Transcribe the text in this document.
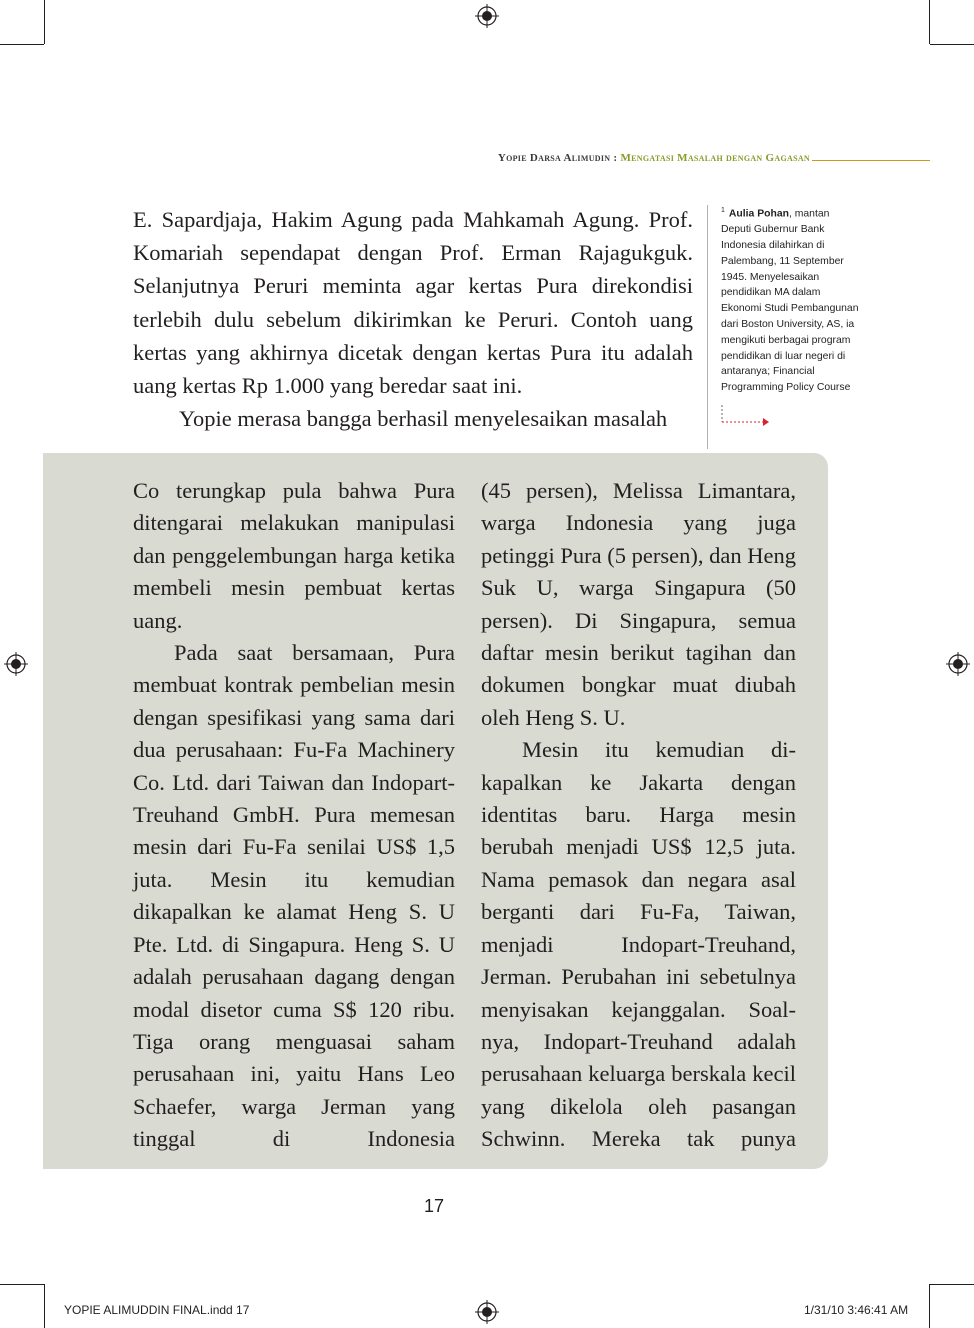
Yopie Darsa Alimudin : Mengatasi Masalah dengan Gagasan

E. Sapardjaja, Hakim Agung pada Mahkamah Agung. Prof. Komariah sependapat dengan Prof. Erman Rajagukguk. Selanjutnya Peruri meminta agar kertas Pura direkondisi terlebih dulu sebelum dikirimkan ke Peruri. Contoh uang kertas yang akhirnya dicetak dengan kertas Pura itu adalah uang kertas Rp 1.000 yang beredar saat ini.

Yopie merasa bangga berhasil menyelesaikan masalah

$^1$ Aulia Pohan, mantan Deputi Gubernur Bank Indonesia dilahirkan di Palembang, 11 September 1945. Menyelesaikan pendidikan MA dalam Ekonomi Studi Pembangunan dari Boston University, AS, ia mengikuti berbagai program pendidikan di luar negeri di antaranya; Financial Programming Policy Course

Co terungkap pula bahwa Pura ditengarai melakukan manipulasi dan penggelembungan harga ketika membeli mesin pembuat kertas uang.

Pada saat bersamaan, Pura membuat kontrak pembelian mesin dengan spesifikasi yang sama dari dua perusahaan: Fu-Fa Machinery Co. Ltd. dari Taiwan dan Indopart-Treuhand GmbH. Pura memesan mesin dari Fu-Fa senilai US$ 1,5 juta. Mesin itu kemudian dikapalkan ke alamat Heng S. U Pte. Ltd. di Singapura. Heng S. U adalah perusahaan dagang dengan modal disetor cuma S$ 120 ribu. Tiga orang menguasai saham perusahaan ini, yaitu Hans Leo Schaefer, warga Jerman yang tinggal di Indonesia

(45 persen), Melissa Limantara, warga Indonesia yang juga petinggi Pura (5 persen), dan Heng Suk U, warga Singapura (50 persen). Di Singapura, semua daftar mesin berikut tagihan dan dokumen bongkar muat diubah oleh Heng S. U.

Mesin itu kemudian di-kapalkan ke Jakarta dengan identitas baru. Harga mesin berubah menjadi US$ 12,5 juta. Nama pemasok dan negara asal berganti dari Fu-Fa, Taiwan, menjadi Indopart-Treuhand, Jerman. Perubahan ini sebetulnya menyisakan kejanggalan. Soal-nya, Indopart-Treuhand adalah perusahaan keluarga berskala kecil yang dikelola oleh pasangan Schwinn. Mereka tak punya

17
YOPIE ALIMUDDIN FINAL.indd 17	1/31/10 3:46:41 AM
